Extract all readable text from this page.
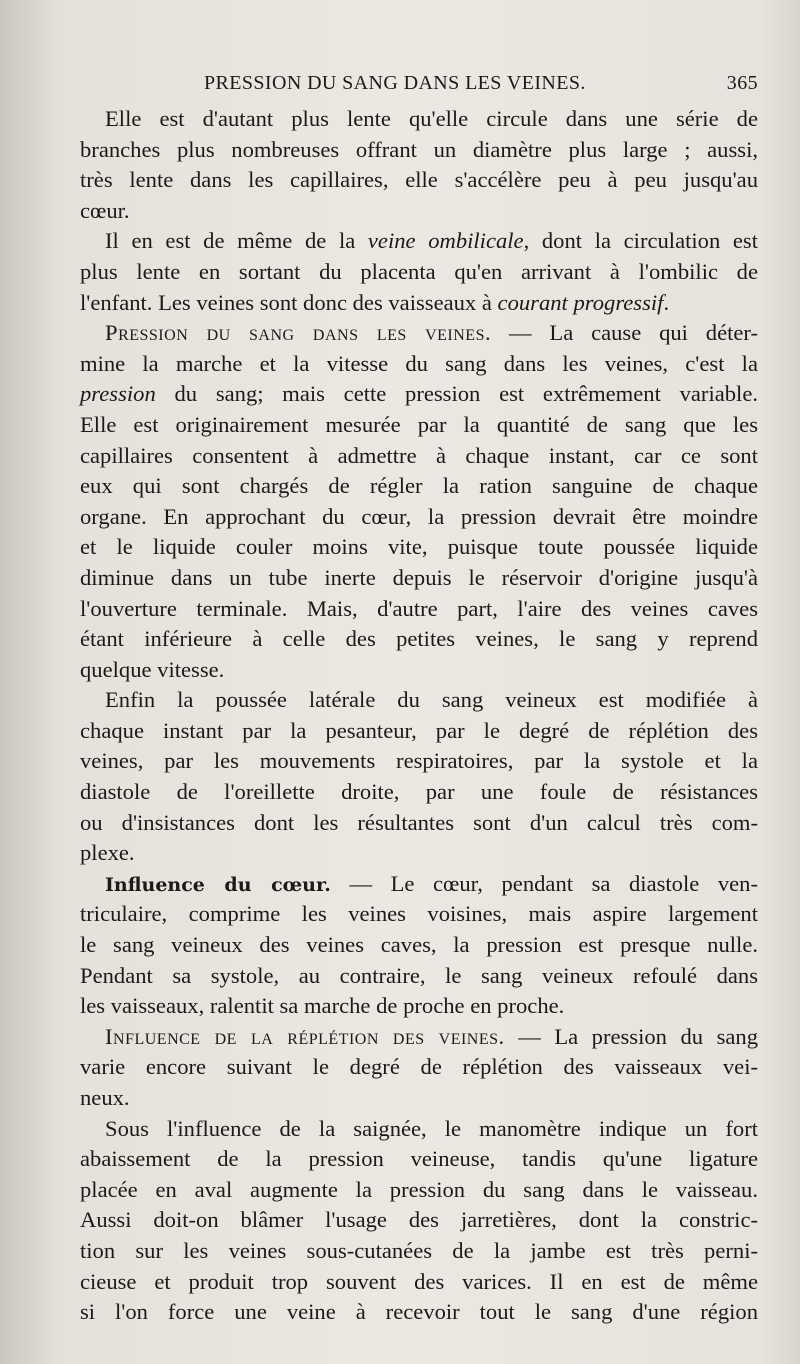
PRESSION DU SANG DANS LES VEINES.	365
Elle est d'autant plus lente qu'elle circule dans une série de
branches plus nombreuses offrant un diamètre plus large ; aussi,
très lente dans les capillaires, elle s'accélère peu à peu jusqu'au
cœur.
Il en est de même de la veine ombilicale, dont la circulation est
plus lente en sortant du placenta qu'en arrivant à l'ombilic de
l'enfant. Les veines sont donc des vaisseaux à courant progressif.
Pression du sang dans les veines. — La cause qui déter-
mine la marche et la vitesse du sang dans les veines, c'est la
pression du sang; mais cette pression est extrêmement variable.
Elle est originairement mesurée par la quantité de sang que les
capillaires consentent à admettre à chaque instant, car ce sont
eux qui sont chargés de régler la ration sanguine de chaque
organe. En approchant du cœur, la pression devrait être moindre
et le liquide couler moins vite, puisque toute poussée liquide
diminue dans un tube inerte depuis le réservoir d'origine jusqu'à
l'ouverture terminale. Mais, d'autre part, l'aire des veines caves
étant inférieure à celle des petites veines, le sang y reprend
quelque vitesse.
Enfin la poussée latérale du sang veineux est modifiée à
chaque instant par la pesanteur, par le degré de réplétion des
veines, par les mouvements respiratoires, par la systole et la
diastole de l'oreillette droite, par une foule de résistances
ou d'insistances dont les résultantes sont d'un calcul très com-
plexe.
Influence du cœur. — Le cœur, pendant sa diastole ven-
triculaire, comprime les veines voisines, mais aspire largement
le sang veineux des veines caves, la pression est presque nulle.
Pendant sa systole, au contraire, le sang veineux refoulé dans
les vaisseaux, ralentit sa marche de proche en proche.
Influence de la réplétion des veines. — La pression du sang
varie encore suivant le degré de réplétion des vaisseaux vei-
neux.
Sous l'influence de la saignée, le manomètre indique un fort
abaissement de la pression veineuse, tandis qu'une ligature
placée en aval augmente la pression du sang dans le vaisseau.
Aussi doit-on blâmer l'usage des jarretières, dont la constric-
tion sur les veines sous-cutanées de la jambe est très perni-
cieuse et produit trop souvent des varices. Il en est de même
si l'on force une veine à recevoir tout le sang d'une région
